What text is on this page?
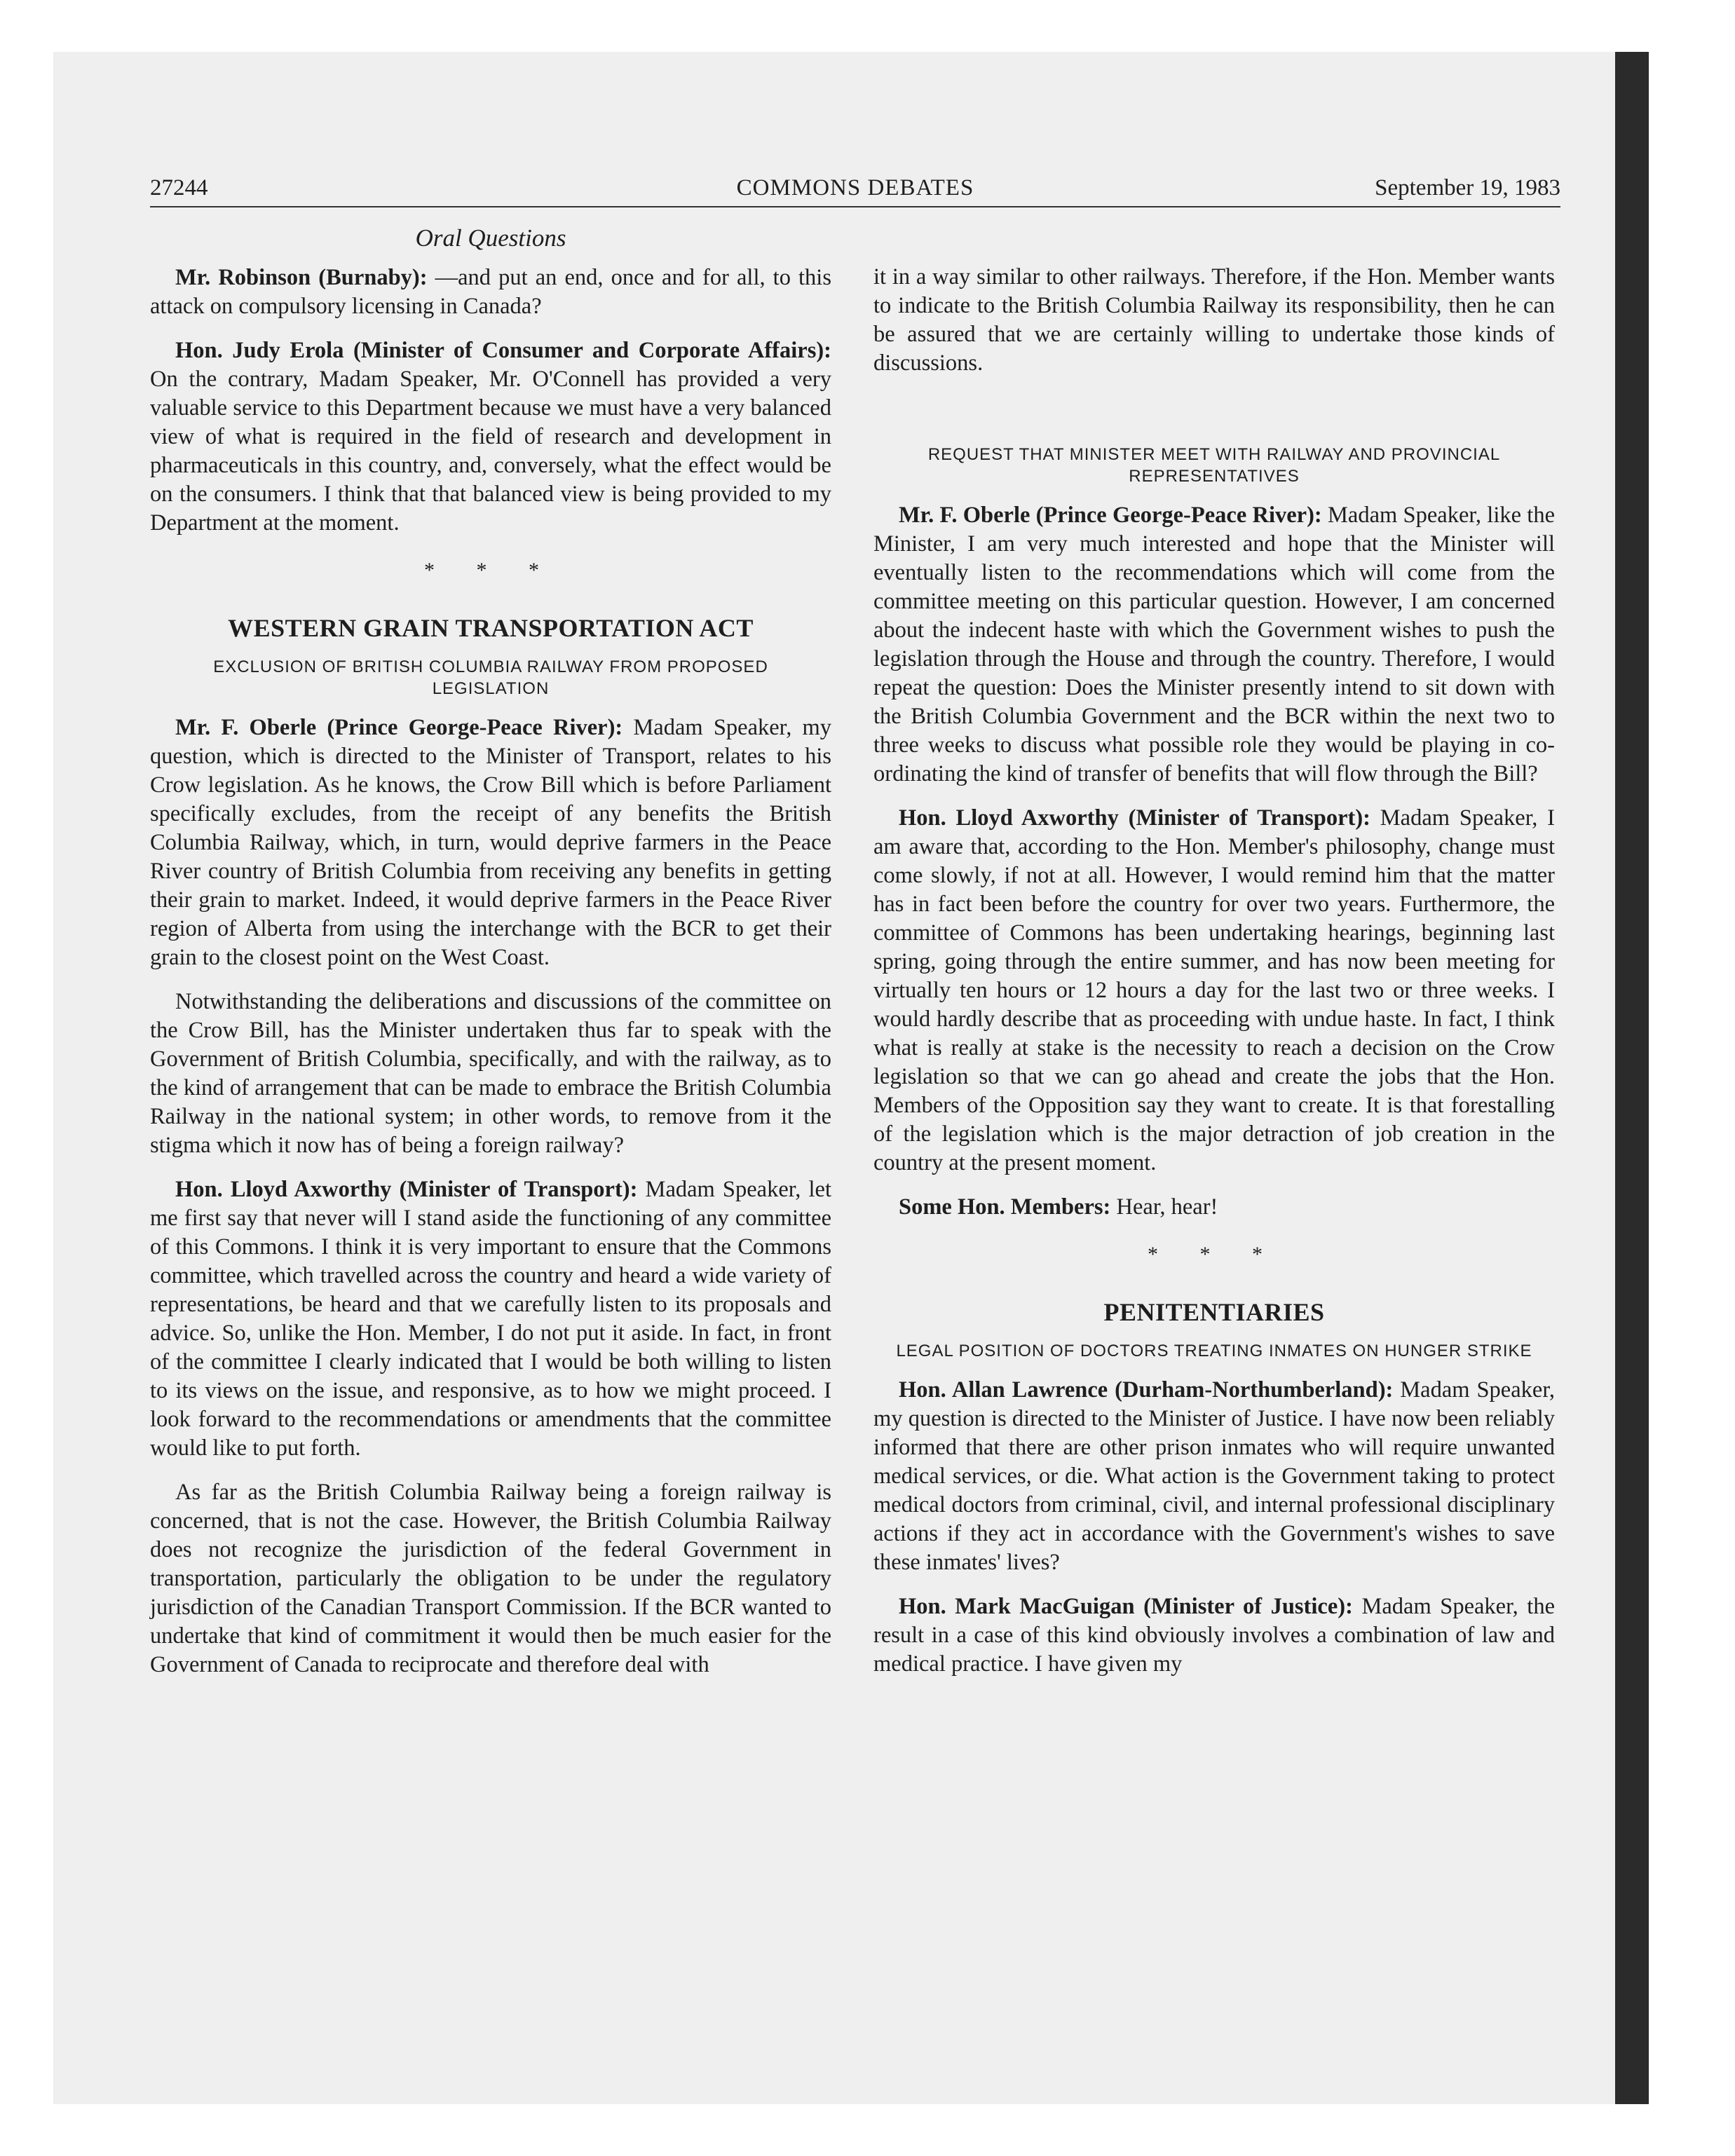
27244	COMMONS DEBATES	September 19, 1983

Oral Questions

Mr. Robinson (Burnaby): —and put an end, once and for all, to this attack on compulsory licensing in Canada?

Hon. Judy Erola (Minister of Consumer and Corporate Affairs): On the contrary, Madam Speaker, Mr. O'Connell has provided a very valuable service to this Department because we must have a very balanced view of what is required in the field of research and development in pharmaceuticals in this country, and, conversely, what the effect would be on the consumers. I think that that balanced view is being provided to my Department at the moment.

* * *
WESTERN GRAIN TRANSPORTATION ACT
EXCLUSION OF BRITISH COLUMBIA RAILWAY FROM PROPOSED LEGISLATION

Mr. F. Oberle (Prince George-Peace River): Madam Speaker, my question, which is directed to the Minister of Transport, relates to his Crow legislation. As he knows, the Crow Bill which is before Parliament specifically excludes, from the receipt of any benefits the British Columbia Railway, which, in turn, would deprive farmers in the Peace River country of British Columbia from receiving any benefits in getting their grain to market. Indeed, it would deprive farmers in the Peace River region of Alberta from using the interchange with the BCR to get their grain to the closest point on the West Coast.

Notwithstanding the deliberations and discussions of the committee on the Crow Bill, has the Minister undertaken thus far to speak with the Government of British Columbia, specifically, and with the railway, as to the kind of arrangement that can be made to embrace the British Columbia Railway in the national system; in other words, to remove from it the stigma which it now has of being a foreign railway?

Hon. Lloyd Axworthy (Minister of Transport): Madam Speaker, let me first say that never will I stand aside the functioning of any committee of this Commons. I think it is very important to ensure that the Commons committee, which travelled across the country and heard a wide variety of representations, be heard and that we carefully listen to its proposals and advice. So, unlike the Hon. Member, I do not put it aside. In fact, in front of the committee I clearly indicated that I would be both willing to listen to its views on the issue, and responsive, as to how we might proceed. I look forward to the recommendations or amendments that the committee would like to put forth.

As far as the British Columbia Railway being a foreign railway is concerned, that is not the case. However, the British Columbia Railway does not recognize the jurisdiction of the federal Government in transportation, particularly the obligation to be under the regulatory jurisdiction of the Canadian Transport Commission. If the BCR wanted to undertake that kind of commitment it would then be much easier for the Government of Canada to reciprocate and therefore deal with

it in a way similar to other railways. Therefore, if the Hon. Member wants to indicate to the British Columbia Railway its responsibility, then he can be assured that we are certainly willing to undertake those kinds of discussions.

REQUEST THAT MINISTER MEET WITH RAILWAY AND PROVINCIAL REPRESENTATIVES

Mr. F. Oberle (Prince George-Peace River): Madam Speaker, like the Minister, I am very much interested and hope that the Minister will eventually listen to the recommendations which will come from the committee meeting on this particular question. However, I am concerned about the indecent haste with which the Government wishes to push the legislation through the House and through the country. Therefore, I would repeat the question: Does the Minister presently intend to sit down with the British Columbia Government and the BCR within the next two to three weeks to discuss what possible role they would be playing in co-ordinating the kind of transfer of benefits that will flow through the Bill?

Hon. Lloyd Axworthy (Minister of Transport): Madam Speaker, I am aware that, according to the Hon. Member's philosophy, change must come slowly, if not at all. However, I would remind him that the matter has in fact been before the country for over two years. Furthermore, the committee of Commons has been undertaking hearings, beginning last spring, going through the entire summer, and has now been meeting for virtually ten hours or 12 hours a day for the last two or three weeks. I would hardly describe that as proceeding with undue haste. In fact, I think what is really at stake is the necessity to reach a decision on the Crow legislation so that we can go ahead and create the jobs that the Hon. Members of the Opposition say they want to create. It is that forestalling of the legislation which is the major detraction of job creation in the country at the present moment.

Some Hon. Members: Hear, hear!

* * *
PENITENTIARIES
LEGAL POSITION OF DOCTORS TREATING INMATES ON HUNGER STRIKE

Hon. Allan Lawrence (Durham-Northumberland): Madam Speaker, my question is directed to the Minister of Justice. I have now been reliably informed that there are other prison inmates who will require unwanted medical services, or die. What action is the Government taking to protect medical doctors from criminal, civil, and internal professional disciplinary actions if they act in accordance with the Government's wishes to save these inmates' lives?

Hon. Mark MacGuigan (Minister of Justice): Madam Speaker, the result in a case of this kind obviously involves a combination of law and medical practice. I have given my
